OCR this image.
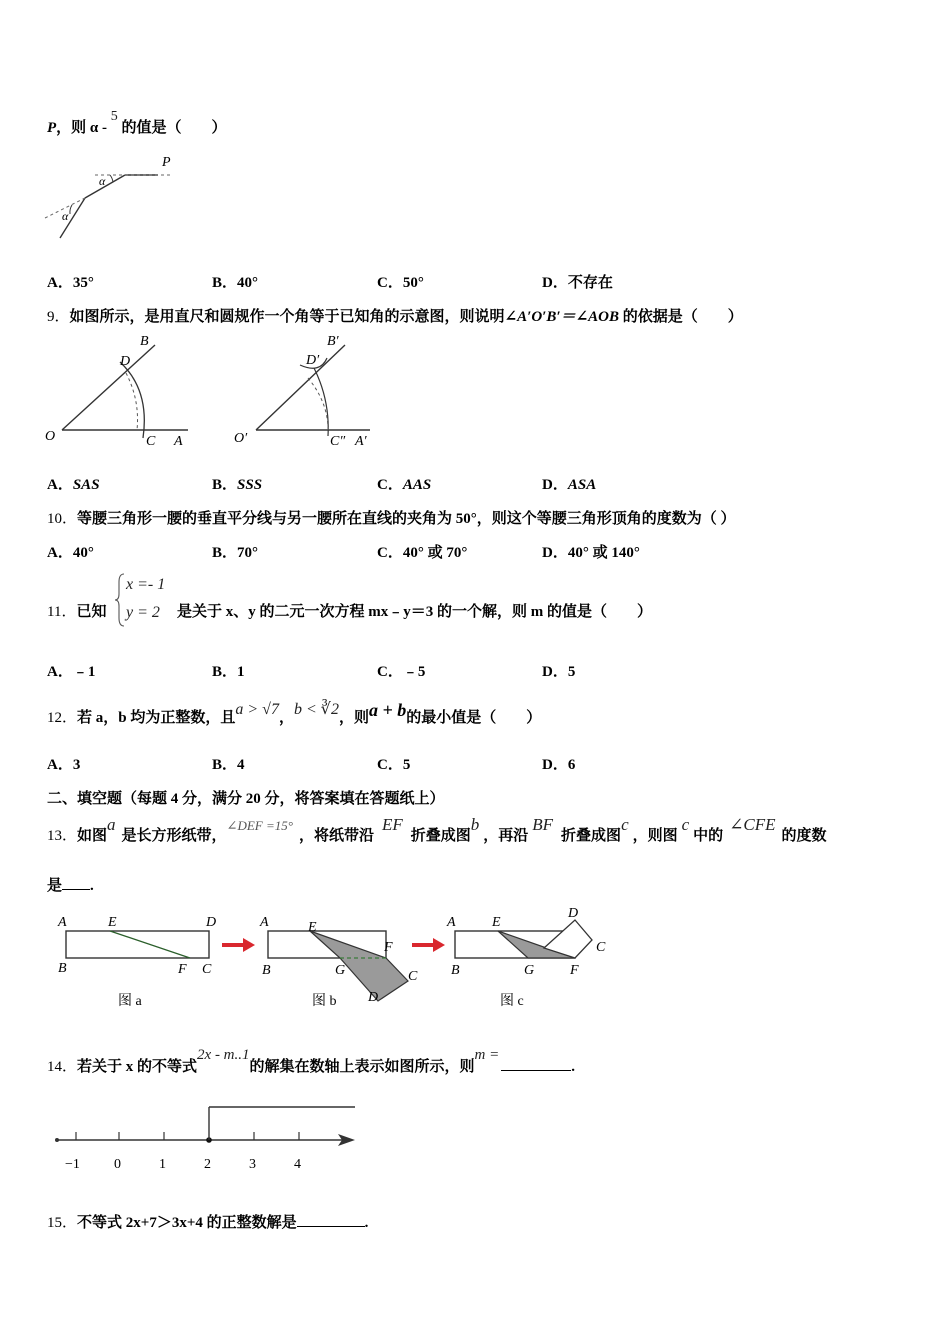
P，则 α - 5 的值是（　　）
P
α
α
A．35°	B．40°	C．50°	D．不存在
9．如图所示，是用直尺和圆规作一个角等于已知角的示意图，则说明∠A′O′B′＝∠AOB 的依据是（　　）
B
D
O	C A
B′
D′
O′	C″ A′
A．SAS	B．SSS	C．AAS	D．ASA
10．等腰三角形一腰的垂直平分线与另一腰所在直线的夹角为 50°，则这个等腰三角形顶角的度数为（ ）
A．40°	B．70°	C．40° 或 70°	D．40° 或 140°
11．已知
x =- 1
y = 2 是关于 x、y 的二元一次方程 mx﹣y＝3 的一个解，则 m 的值是（　　）
A．﹣1	B．1	C．﹣5	D．5
12．若 a，b 均为正整数，且a > √7，b < ∛2，则a + b的最小值是（　　）
A．3	B．4	C．5	D．6
二、填空题（每题 4 分，满分 20 分，将答案填在答题纸上）
13．如图a是长方形纸带，∠DEF =15°，将纸带沿EF折叠成图b，再沿BF折叠成图c，则图c中的∠CFE的度数
是 .
A	E	D
B	F C
图 a
A	E
F
B	G	C
D
图 b
A	E
D
C
B	G	F
图 c
14．若关于 x 的不等式2x - m..1的解集在数轴上表示如图所示，则m =.
−1 0	1	2	3	4
15．不等式 2x+7＞3x+4 的正整数解是	.
